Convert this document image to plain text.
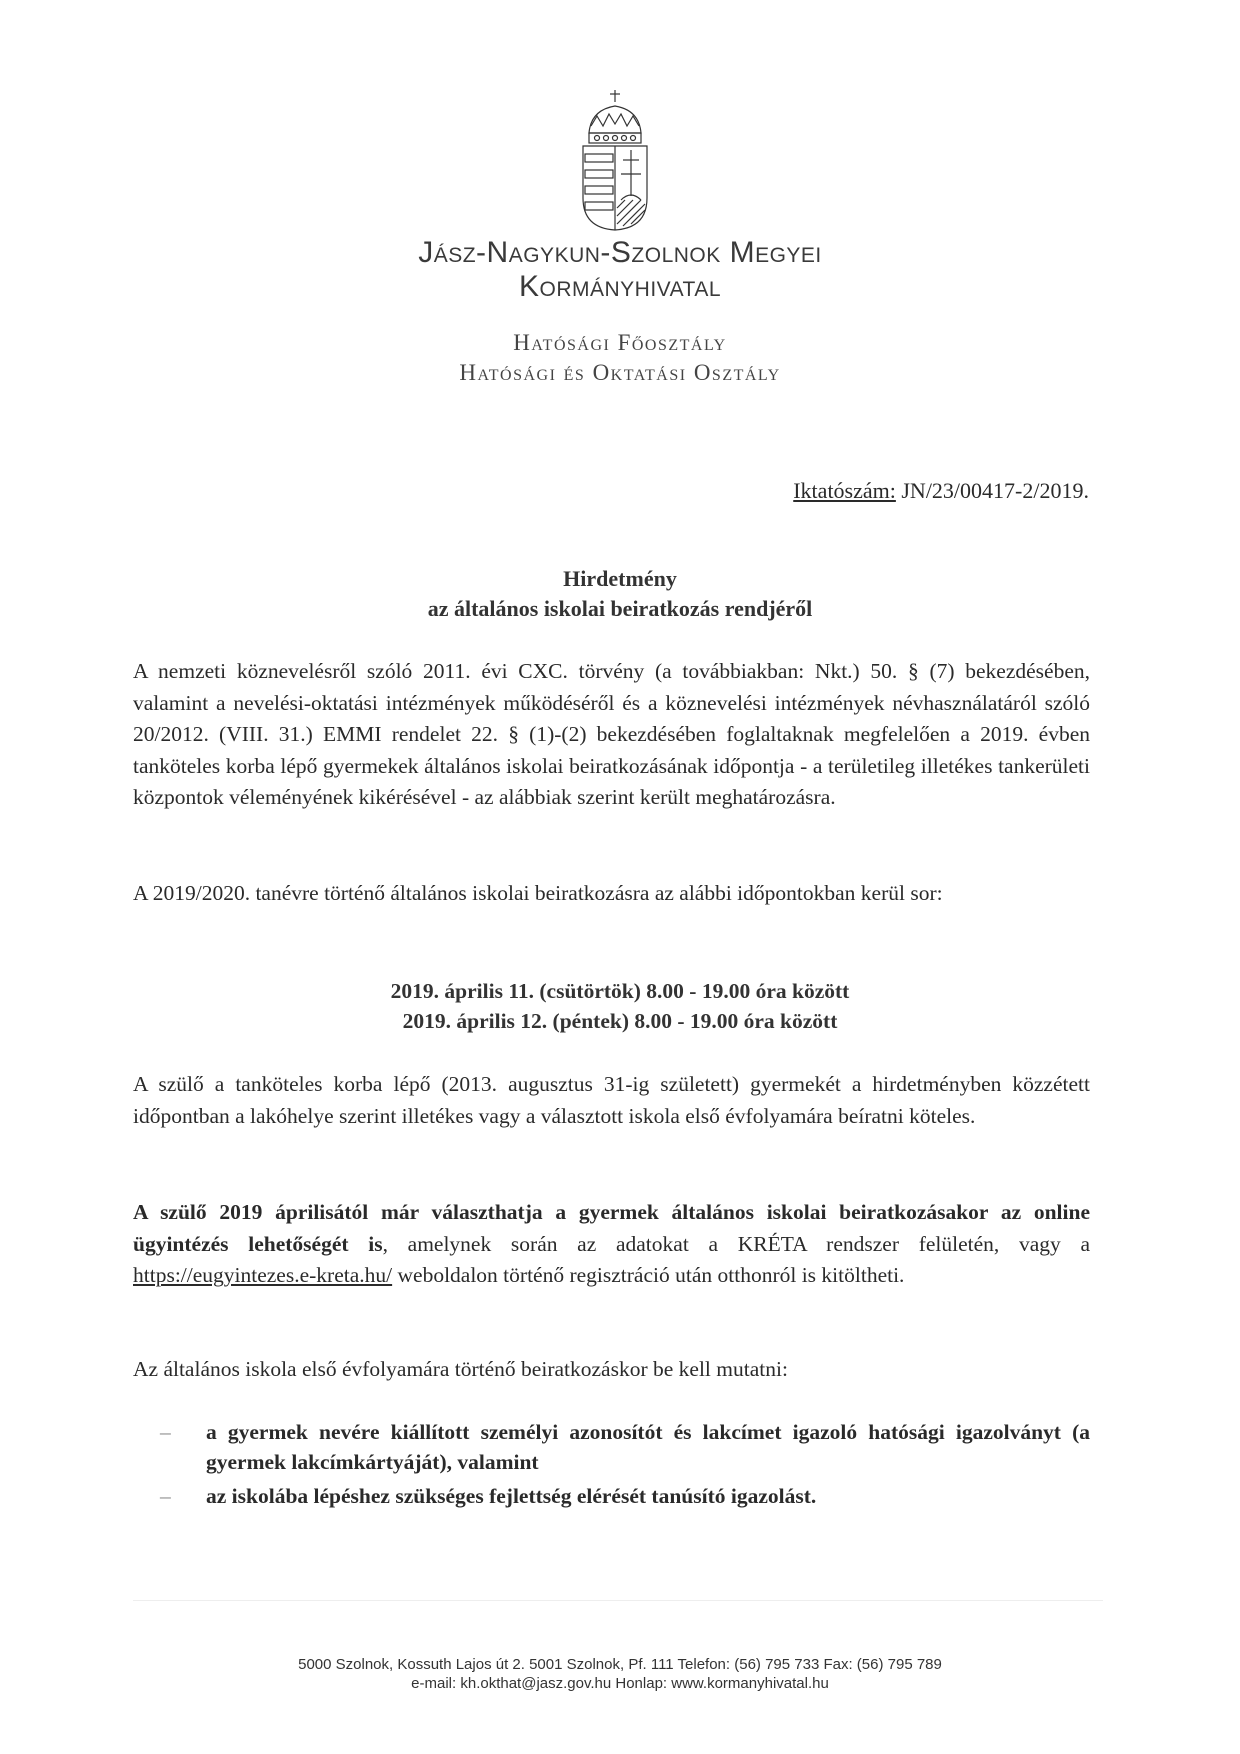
Jász-Nagykun-Szolnok Megyei
Kormányhivatal
Hatósági Főosztály
Hatósági és Oktatási Osztály
Iktatószám: JN/23/00417-2/2019.
Hirdetmény
az általános iskolai beiratkozás rendjéről
A nemzeti köznevelésről szóló 2011. évi CXC. törvény (a továbbiakban: Nkt.) 50. § (7) bekezdésében, valamint a nevelési-oktatási intézmények működéséről és a köznevelési intézmények névhasználatáról szóló 20/2012. (VIII. 31.) EMMI rendelet 22. § (1)-(2) bekezdésében foglaltaknak megfelelően a 2019. évben tanköteles korba lépő gyermekek általános iskolai beiratkozásának időpontja - a területileg illetékes tankerületi központok véleményének kikérésével - az alábbiak szerint került meghatározásra.
A 2019/2020. tanévre történő általános iskolai beiratkozásra az alábbi időpontokban kerül sor:
2019. április 11. (csütörtök) 8.00 - 19.00 óra között
2019. április 12. (péntek) 8.00 - 19.00 óra között
A szülő a tanköteles korba lépő (2013. augusztus 31-ig született) gyermekét a hirdetményben közzétett időpontban a lakóhelye szerint illetékes vagy a választott iskola első évfolyamára beíratni köteles.
A szülő 2019 áprilisától már választhatja a gyermek általános iskolai beiratkozásakor az online ügyintézés lehetőségét is, amelynek során az adatokat a KRÉTA rendszer felületén, vagy a https://eugyintezes.e-kreta.hu/ weboldalon történő regisztráció után otthonról is kitöltheti.
Az általános iskola első évfolyamára történő beiratkozáskor be kell mutatni:
– a gyermek nevére kiállított személyi azonosítót és lakcímet igazoló hatósági igazolványt (a gyermek lakcímkártyáját), valamint
– az iskolába lépéshez szükséges fejlettség elérését tanúsító igazolást.
5000 Szolnok, Kossuth Lajos út 2. 5001 Szolnok, Pf. 111 Telefon: (56) 795 733 Fax: (56) 795 789
e-mail: kh.okthat@jasz.gov.hu Honlap: www.kormanyhivatal.hu
